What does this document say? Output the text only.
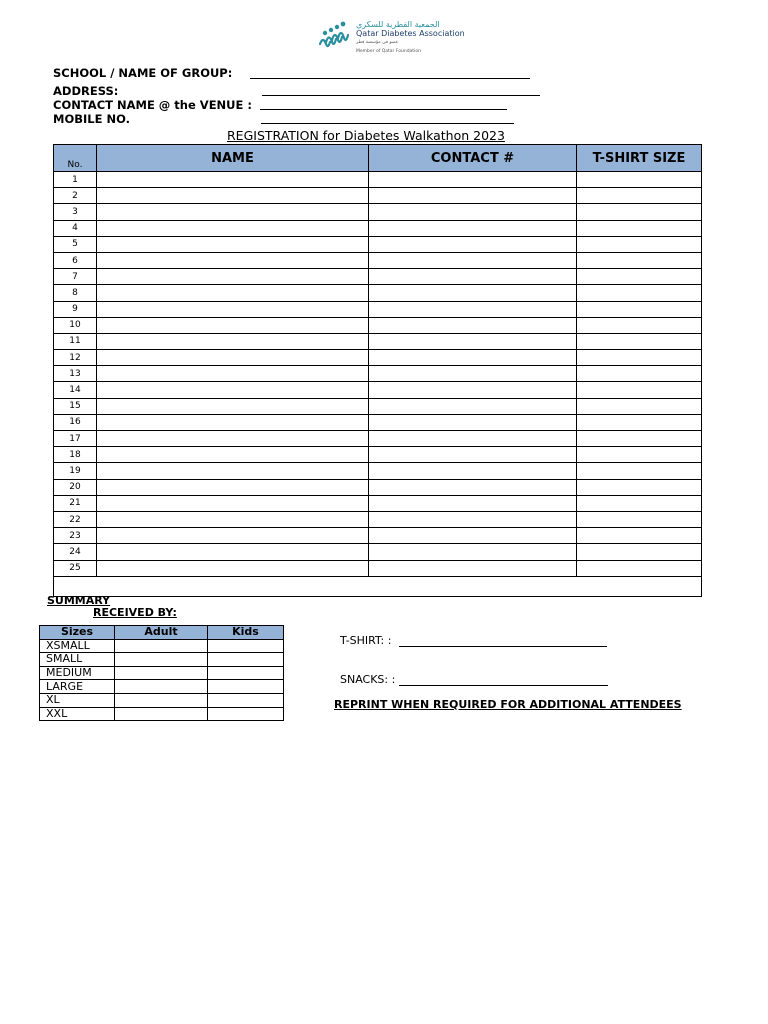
الجمعية القطرية للسكري
Qatar Diabetes Association
عضو في مؤسسة قطر
Member of Qatar Foundation
SCHOOL / NAME OF GROUP:
ADDRESS:
CONTACT NAME @ the VENUE :
MOBILE NO.
REGISTRATION for Diabetes Walkathon 2023
No.	NAME	CONTACT #	T-SHIRT SIZE
1			
2			
3			
4			
5			
6			
7			
8			
9			
10			
11			
12			
13			
14			
15			
16			
17			
18			
19			
20			
21			
22			
23			
24			
25			

SUMMARY
RECEIVED BY:
Sizes	Adult	Kids
XSMALL		
SMALL		
MEDIUM		
LARGE		
XL		
XXL		
T-SHIRT: :
SNACKS: :
REPRINT WHEN REQUIRED FOR ADDITIONAL ATTENDEES
